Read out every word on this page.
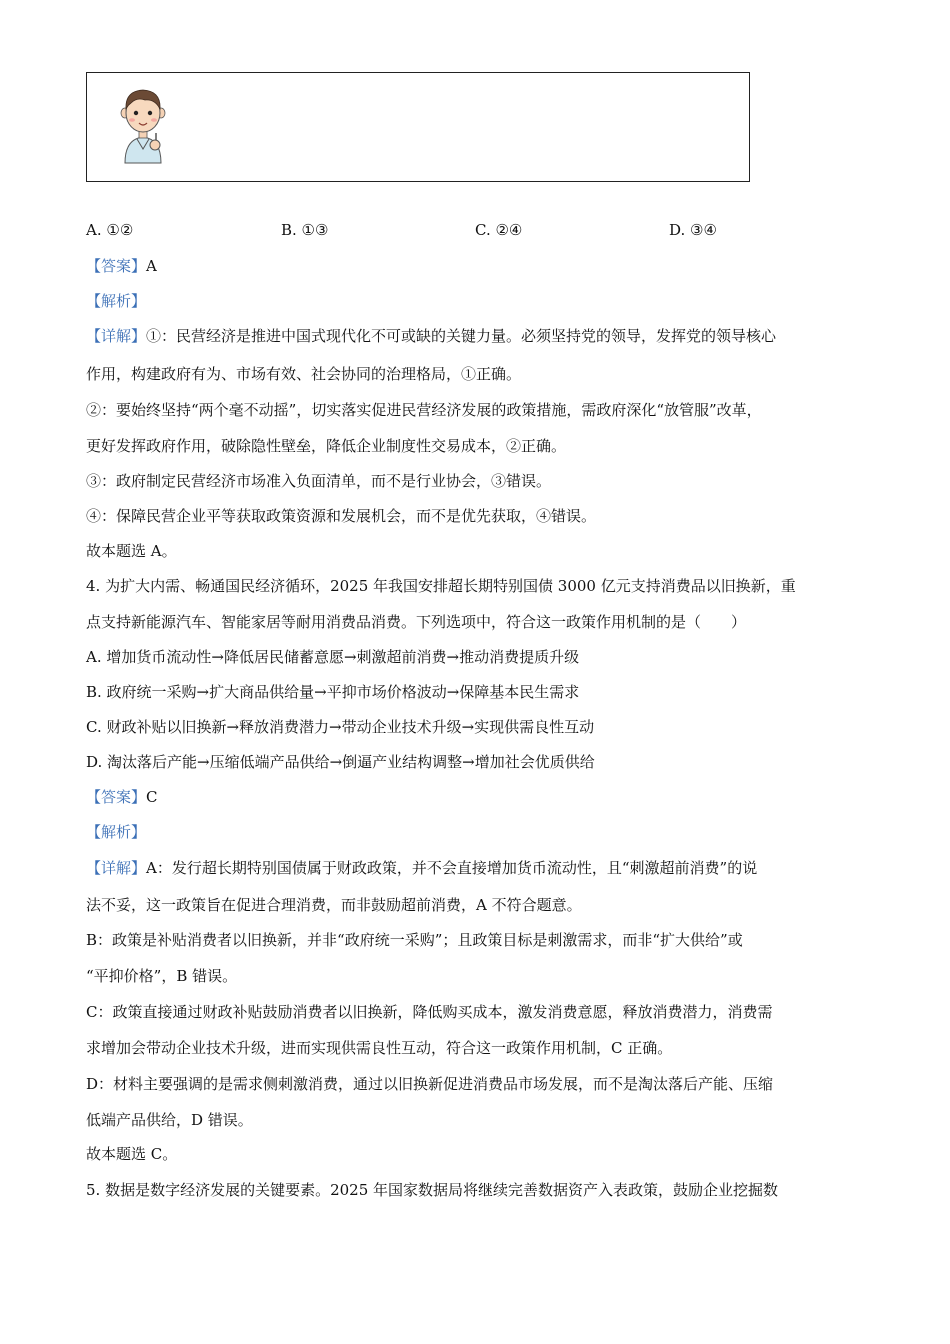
A. ①②	B. ①③	C. ②④	D. ③④
【答案】A
【解析】
【详解】①：民营经济是推进中国式现代化不可或缺的关键力量。必须坚持党的领导，发挥党的领导核心
作用，构建政府有为、市场有效、社会协同的治理格局，①正确。
②：要始终坚持“两个毫不动摇”，切实落实促进民营经济发展的政策措施，需政府深化“放管服”改革，
更好发挥政府作用，破除隐性壁垒，降低企业制度性交易成本，②正确。
③：政府制定民营经济市场准入负面清单，而不是行业协会，③错误。
④：保障民营企业平等获取政策资源和发展机会，而不是优先获取，④错误。
故本题选 A。
4. 为扩大内需、畅通国民经济循环，2025 年我国安排超长期特别国债 3000 亿元支持消费品以旧换新，重
点支持新能源汽车、智能家居等耐用消费品消费。下列选项中，符合这一政策作用机制的是（　　）
A. 增加货币流动性→降低居民储蓄意愿→刺激超前消费→推动消费提质升级
B. 政府统一采购→扩大商品供给量→平抑市场价格波动→保障基本民生需求
C. 财政补贴以旧换新→释放消费潜力→带动企业技术升级→实现供需良性互动
D. 淘汰落后产能→压缩低端产品供给→倒逼产业结构调整→增加社会优质供给
【答案】C
【解析】
【详解】A：发行超长期特别国债属于财政政策，并不会直接增加货币流动性，且“刺激超前消费”的说
法不妥，这一政策旨在促进合理消费，而非鼓励超前消费，A 不符合题意。
B：政策是补贴消费者以旧换新，并非“政府统一采购”；且政策目标是刺激需求，而非“扩大供给”或
“平抑价格”，B 错误。
C：政策直接通过财政补贴鼓励消费者以旧换新，降低购买成本，激发消费意愿，释放消费潜力，消费需
求增加会带动企业技术升级，进而实现供需良性互动，符合这一政策作用机制，C 正确。
D：材料主要强调的是需求侧刺激消费，通过以旧换新促进消费品市场发展，而不是淘汰落后产能、压缩
低端产品供给，D 错误。
故本题选 C。
5. 数据是数字经济发展的关键要素。2025 年国家数据局将继续完善数据资产入表政策，鼓励企业挖掘数
